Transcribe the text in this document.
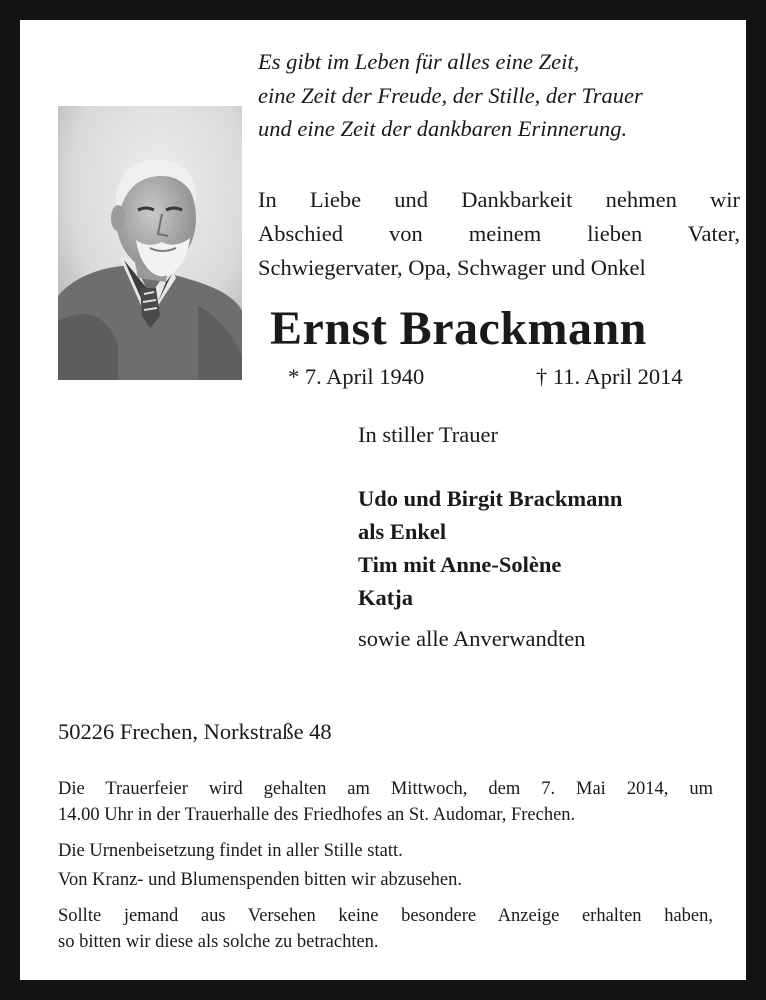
Es gibt im Leben für alles eine Zeit,
eine Zeit der Freude, der Stille, der Trauer
und eine Zeit der dankbaren Erinnerung.

In Liebe und Dankbarkeit nehmen wir
Abschied von meinem lieben Vater,
Schwiegervater, Opa, Schwager und Onkel

Ernst Brackmann
* 7. April 1940	† 11. April 2014
In stiller Trauer
Udo und Birgit Brackmann
als Enkel
Tim mit Anne-Solène
Katja
sowie alle Anverwandten
50226 Frechen, Norkstraße 48

Die Trauerfeier wird gehalten am Mittwoch, dem 7. Mai 2014, um
14.00 Uhr in der Trauerhalle des Friedhofes an St. Audomar, Frechen.

Die Urnenbeisetzung findet in aller Stille statt.

Von Kranz- und Blumenspenden bitten wir abzusehen.

Sollte jemand aus Versehen keine besondere Anzeige erhalten haben,
so bitten wir diese als solche zu betrachten.
